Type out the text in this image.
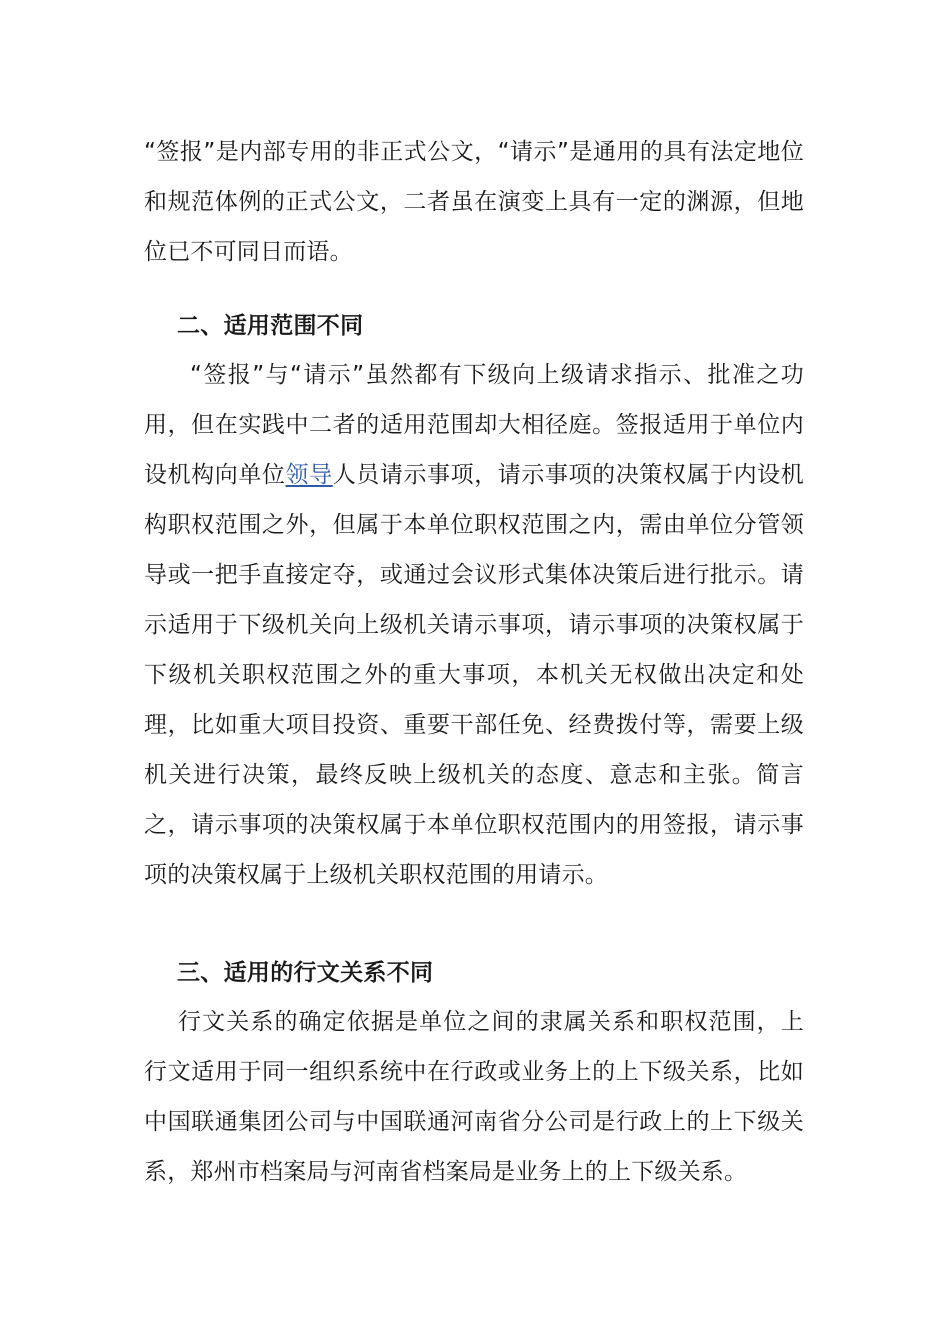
“签报”是内部专用的非正式公文，“请示”是通用的具有法定地位和规范体例的正式公文，二者虽在演变上具有一定的渊源，但地位已不可同日而语。

二、适用范围不同

“签报”与“请示”虽然都有下级向上级请求指示、批准之功用，但在实践中二者的适用范围却大相径庭。签报适用于单位内设机构向单位领导人员请示事项，请示事项的决策权属于内设机构职权范围之外，但属于本单位职权范围之内，需由单位分管领导或一把手直接定夺，或通过会议形式集体决策后进行批示。请示适用于下级机关向上级机关请示事项，请示事项的决策权属于下级机关职权范围之外的重大事项，本机关无权做出决定和处理，比如重大项目投资、重要干部任免、经费拨付等，需要上级机关进行决策，最终反映上级机关的态度、意志和主张。简言之，请示事项的决策权属于本单位职权范围内的用签报，请示事项的决策权属于上级机关职权范围的用请示。

三、适用的行文关系不同

行文关系的确定依据是单位之间的隶属关系和职权范围，上行文适用于同一组织系统中在行政或业务上的上下级关系，比如中国联通集团公司与中国联通河南省分公司是行政上的上下级关系，郑州市档案局与河南省档案局是业务上的上下级关系。
